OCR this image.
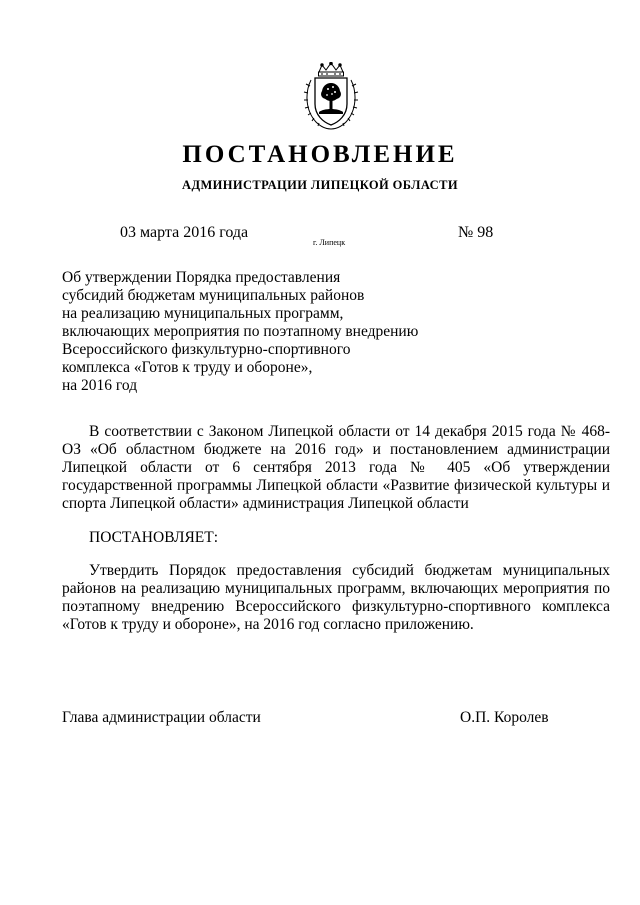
ПОСТАНОВЛЕНИЕ
АДМИНИСТРАЦИИ ЛИПЕЦКОЙ ОБЛАСТИ
03 марта 2016 года
г. Липецк
№ 98
Об утверждении Порядка предоставления
субсидий бюджетам муниципальных районов
на реализацию муниципальных программ,
включающих мероприятия по поэтапному внедрению
Всероссийского физкультурно-спортивного
комплекса «Готов к труду и обороне»,
на 2016 год
В соответствии с Законом Липецкой области от 14 декабря 2015 года № 468-ОЗ «Об областном бюджете на 2016 год» и постановлением администрации Липецкой области от 6 сентября 2013 года № 405 «Об утверждении государственной программы Липецкой области «Развитие физической культуры и спорта Липецкой области» администрация Липецкой области
ПОСТАНОВЛЯЕТ:
Утвердить Порядок предоставления субсидий бюджетам муниципальных районов на реализацию муниципальных программ, включающих мероприятия по поэтапному внедрению Всероссийского физкультурно-спортивного комплекса «Готов к труду и обороне», на 2016 год согласно приложению.
Глава администрации области	О.П. Королев
